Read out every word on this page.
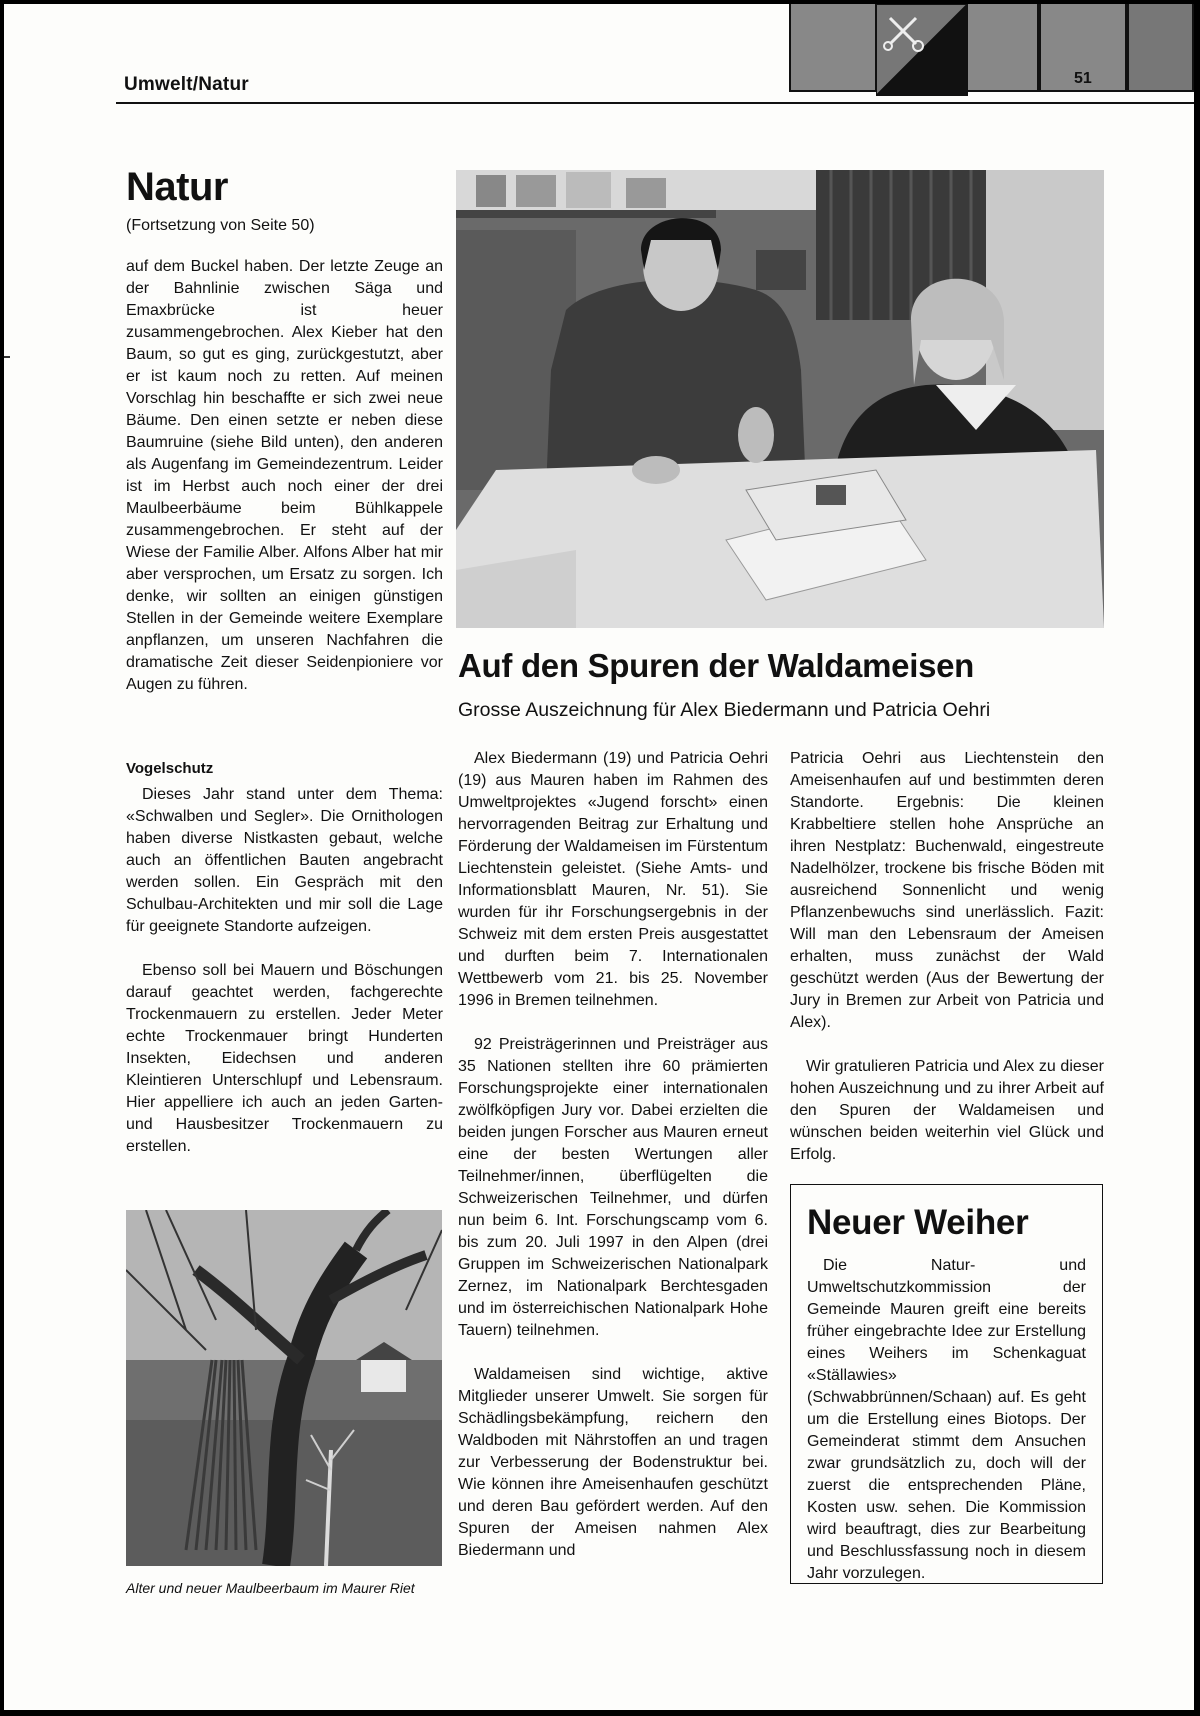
51
Umwelt/Natur
Natur
(Fortsetzung von Seite 50)

auf dem Buckel haben. Der letzte Zeuge an der Bahnlinie zwischen Säga und Emaxbrücke ist heuer zusammengebrochen. Alex Kieber hat den Baum, so gut es ging, zurückgestutzt, aber er ist kaum noch zu retten. Auf meinen Vorschlag hin beschaffte er sich zwei neue Bäume. Den einen setzte er neben diese Baumruine (siehe Bild unten), den anderen als Augenfang im Gemeindezentrum. Leider ist im Herbst auch noch einer der drei Maulbeerbäume beim Bühlkappele zusammengebrochen. Er steht auf der Wiese der Familie Alber. Alfons Alber hat mir aber versprochen, um Ersatz zu sorgen. Ich denke, wir sollten an einigen günstigen Stellen in der Gemeinde weitere Exemplare anpflanzen, um unseren Nachfahren die dramatische Zeit dieser Seidenpioniere vor Augen zu führen.

Vogelschutz

Dieses Jahr stand unter dem Thema: «Schwalben und Segler». Die Ornithologen haben diverse Nistkasten gebaut, welche auch an öffentlichen Bauten angebracht werden sollen. Ein Gespräch mit den Schulbau-Architekten und mir soll die Lage für geeignete Standorte aufzeigen.

Ebenso soll bei Mauern und Böschungen darauf geachtet werden, fachgerechte Trockenmauern zu erstellen. Jeder Meter echte Trockenmauer bringt Hunderten Insekten, Eidechsen und anderen Kleintieren Unterschlupf und Lebensraum. Hier appelliere ich auch an jeden Garten- und Hausbesitzer Trockenmauern zu erstellen.

Alter und neuer Maulbeerbaum im Maurer Riet
Auf den Spuren der Waldameisen
Grosse Auszeichnung für Alex Biedermann und Patricia Oehri

Alex Biedermann (19) und Patricia Oehri (19) aus Mauren haben im Rahmen des Umweltprojektes «Jugend forscht» einen hervorragenden Beitrag zur Erhaltung und Förderung der Waldameisen im Fürstentum Liechtenstein geleistet. (Siehe Amts- und Informationsblatt Mauren, Nr. 51). Sie wurden für ihr Forschungsergebnis in der Schweiz mit dem ersten Preis ausgestattet und durften beim 7. Internationalen Wettbewerb vom 21. bis 25. November 1996 in Bremen teilnehmen.

92 Preisträgerinnen und Preisträger aus 35 Nationen stellten ihre 60 prämierten Forschungsprojekte einer internationalen zwölfköpfigen Jury vor. Dabei erzielten die beiden jungen Forscher aus Mauren erneut eine der besten Wertungen aller Teilnehmer/innen, überflügelten die Schweizerischen Teilnehmer, und dürfen nun beim 6. Int. Forschungscamp vom 6. bis zum 20. Juli 1997 in den Alpen (drei Gruppen im Schweizerischen Nationalpark Zernez, im Nationalpark Berchtesgaden und im österreichischen Nationalpark Hohe Tauern) teilnehmen.

Waldameisen sind wichtige, aktive Mitglieder unserer Umwelt. Sie sorgen für Schädlingsbekämpfung, reichern den Waldboden mit Nährstoffen an und tragen zur Verbesserung der Bodenstruktur bei. Wie können ihre Ameisenhaufen geschützt und deren Bau gefördert werden. Auf den Spuren der Ameisen nahmen Alex Biedermann und

Patricia Oehri aus Liechtenstein den Ameisenhaufen auf und bestimmten deren Standorte. Ergebnis: Die kleinen Krabbeltiere stellen hohe Ansprüche an ihren Nestplatz: Buchenwald, eingestreute Nadelhölzer, trockene bis frische Böden mit ausreichend Sonnenlicht und wenig Pflanzenbewuchs sind unerlässlich. Fazit: Will man den Lebensraum der Ameisen erhalten, muss zunächst der Wald geschützt werden (Aus der Bewertung der Jury in Bremen zur Arbeit von Patricia und Alex).

Wir gratulieren Patricia und Alex zu dieser hohen Auszeichnung und zu ihrer Arbeit auf den Spuren der Waldameisen und wünschen beiden weiterhin viel Glück und Erfolg.

Neuer Weiher

Die Natur- und Umweltschutzkommission der Gemeinde Mauren greift eine bereits früher eingebrachte Idee zur Erstellung eines Weihers im Schenkaguat «Ställawies» (Schwabbrünnen/Schaan) auf. Es geht um die Erstellung eines Biotops. Der Gemeinderat stimmt dem Ansuchen zwar grundsätzlich zu, doch will der zuerst die entsprechenden Pläne, Kosten usw. sehen. Die Kommission wird beauftragt, dies zur Bearbeitung und Beschlussfassung noch in diesem Jahr vorzulegen.
